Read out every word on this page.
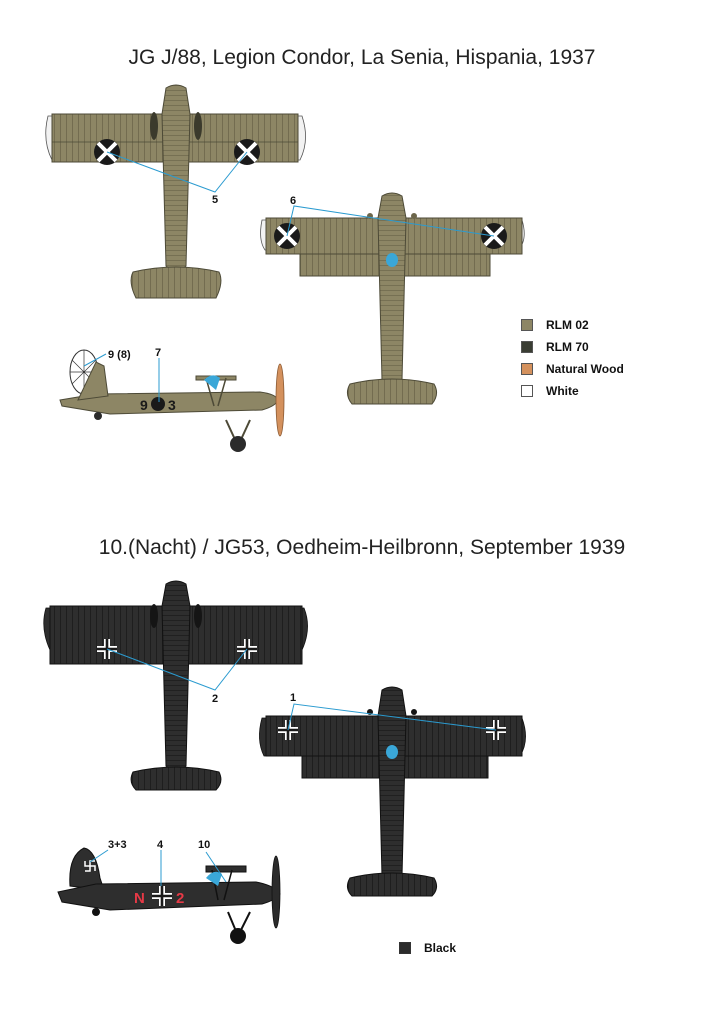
JG J/88, Legion Condor, La Senia, Hispania, 1937
10.(Nacht) / JG53, Oedheim-Heilbronn, September 1939
5	6
9 3
9 (8) 7
2	1
N 2
3+3	4	10
RLM 02
RLM 70
Natural Wood
White
Black
